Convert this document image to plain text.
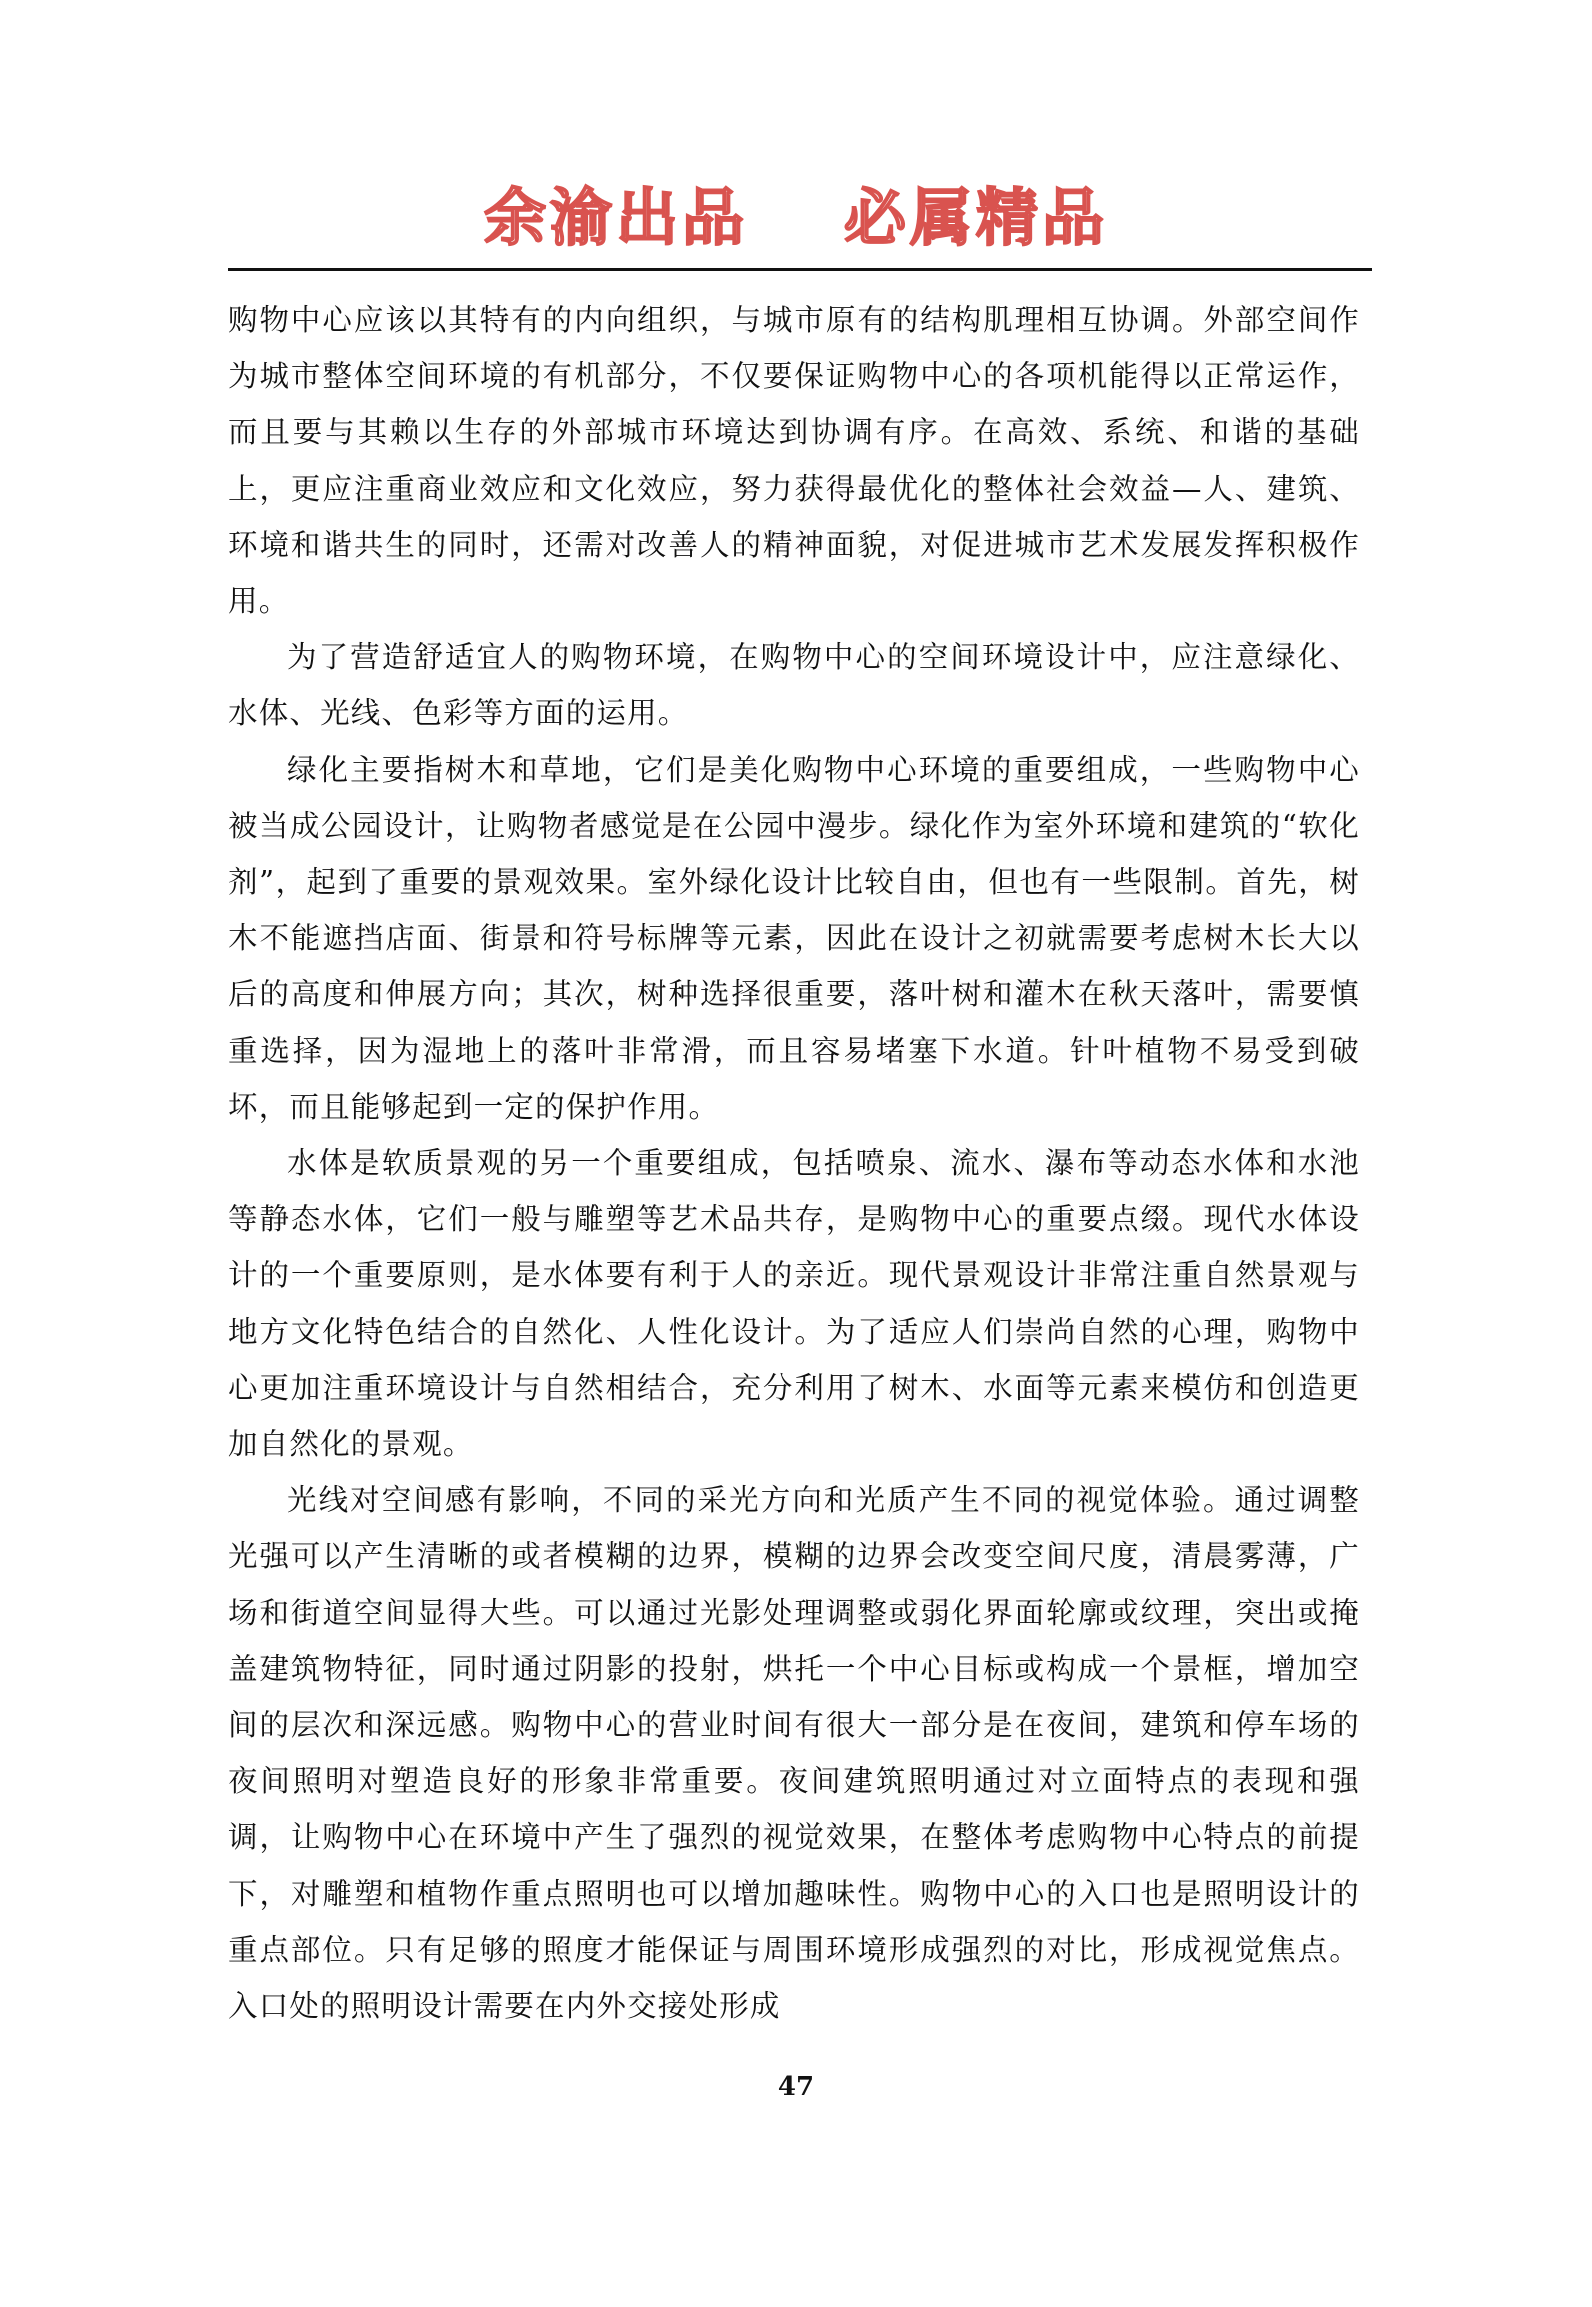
余渝出品 必属精品

购物中心应该以其特有的内向组织，与城市原有的结构肌理相互协调。外部空间作为城市整体空间环境的有机部分，不仅要保证购物中心的各项机能得以正常运作，而且要与其赖以生存的外部城市环境达到协调有序。在高效、系统、和谐的基础上，更应注重商业效应和文化效应，努力获得最优化的整体社会效益—人、建筑、环境和谐共生的同时，还需对改善人的精神面貌，对促进城市艺术发展发挥积极作用。

为了营造舒适宜人的购物环境，在购物中心的空间环境设计中，应注意绿化、水体、光线、色彩等方面的运用。

绿化主要指树木和草地，它们是美化购物中心环境的重要组成，一些购物中心被当成公园设计，让购物者感觉是在公园中漫步。绿化作为室外环境和建筑的“软化剂”，起到了重要的景观效果。室外绿化设计比较自由，但也有一些限制。首先，树木不能遮挡店面、街景和符号标牌等元素，因此在设计之初就需要考虑树木长大以后的高度和伸展方向；其次，树种选择很重要，落叶树和灌木在秋天落叶，需要慎重选择，因为湿地上的落叶非常滑，而且容易堵塞下水道。针叶植物不易受到破坏，而且能够起到一定的保护作用。

水体是软质景观的另一个重要组成，包括喷泉、流水、瀑布等动态水体和水池等静态水体，它们一般与雕塑等艺术品共存，是购物中心的重要点缀。现代水体设计的一个重要原则，是水体要有利于人的亲近。现代景观设计非常注重自然景观与地方文化特色结合的自然化、人性化设计。为了适应人们崇尚自然的心理，购物中心更加注重环境设计与自然相结合，充分利用了树木、水面等元素来模仿和创造更加自然化的景观。

光线对空间感有影响，不同的采光方向和光质产生不同的视觉体验。通过调整光强可以产生清晰的或者模糊的边界，模糊的边界会改变空间尺度，清晨雾薄，广场和街道空间显得大些。可以通过光影处理调整或弱化界面轮廓或纹理，突出或掩盖建筑物特征，同时通过阴影的投射，烘托一个中心目标或构成一个景框，增加空间的层次和深远感。购物中心的营业时间有很大一部分是在夜间，建筑和停车场的夜间照明对塑造良好的形象非常重要。夜间建筑照明通过对立面特点的表现和强调，让购物中心在环境中产生了强烈的视觉效果，在整体考虑购物中心特点的前提下，对雕塑和植物作重点照明也可以增加趣味性。购物中心的入口也是照明设计的重点部位。只有足够的照度才能保证与周围环境形成强烈的对比，形成视觉焦点。入口处的照明设计需要在内外交接处形成

47
